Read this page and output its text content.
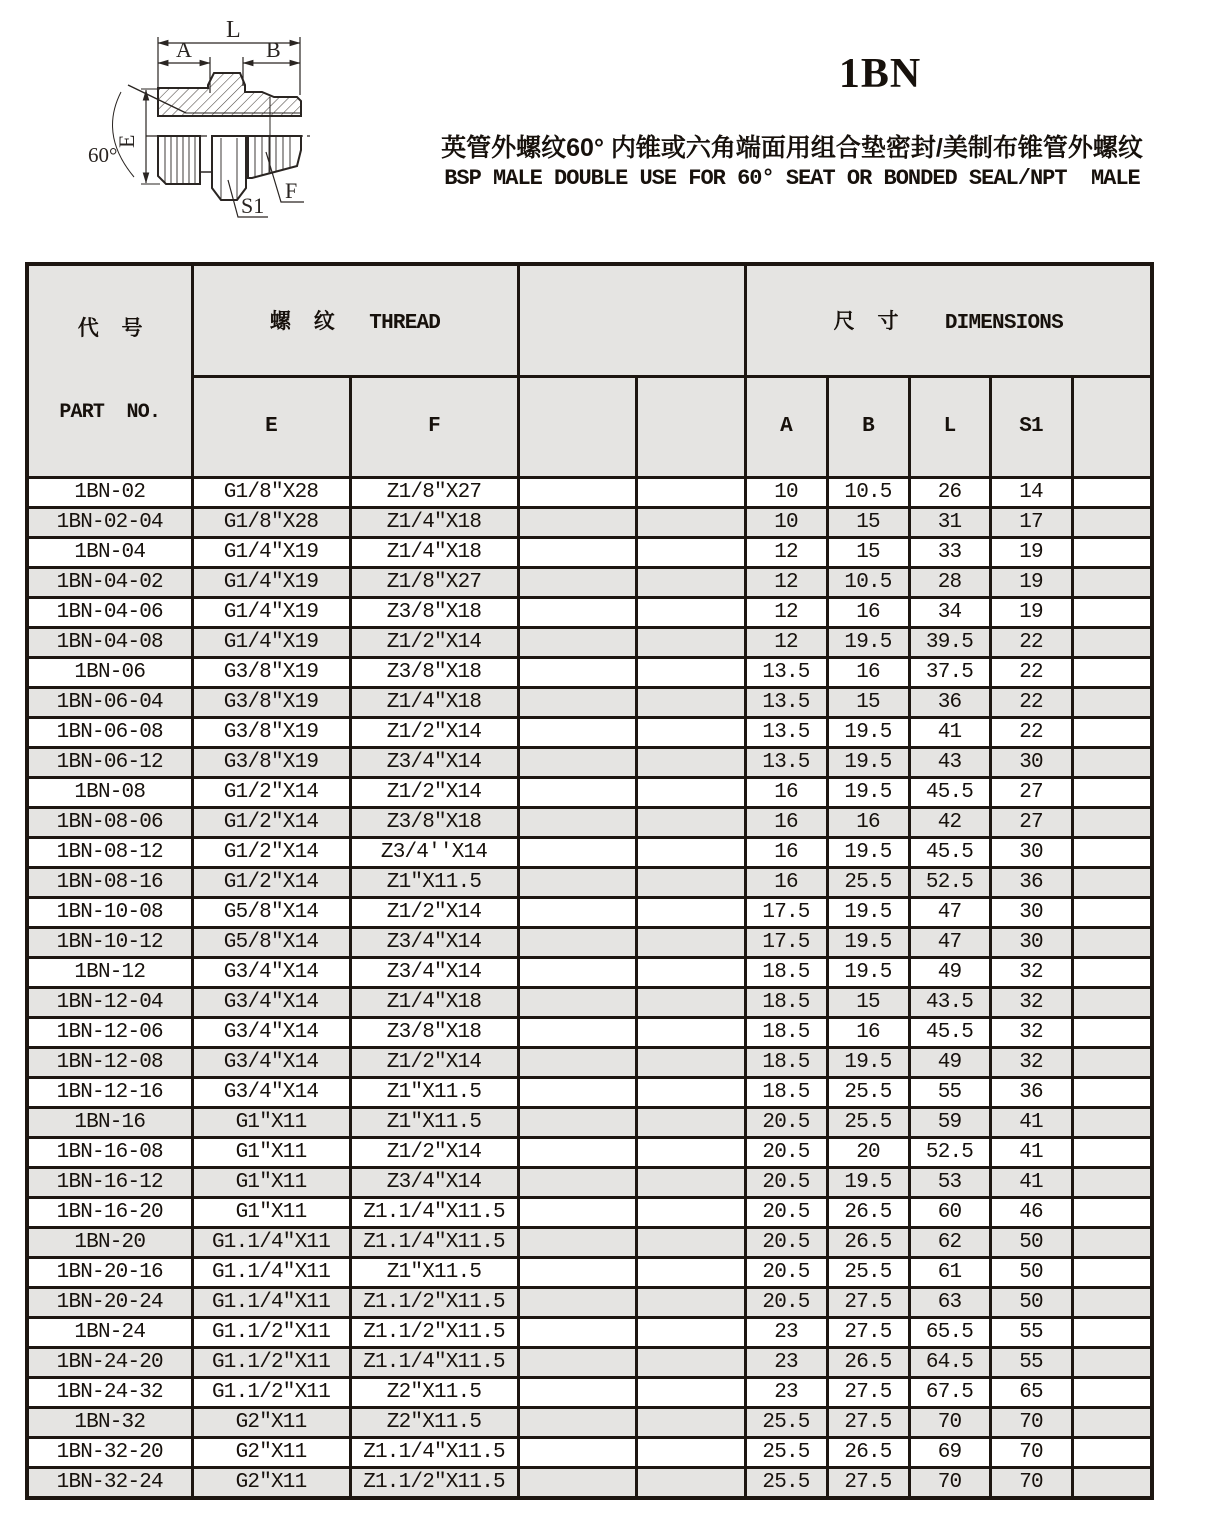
L
A	B
E
60°
F
S1
1BN
英管外螺纹60° 内锥或六角端面用组合垫密封/美制布锥管外螺纹
BSP MALE DOUBLE USE FOR 60° SEAT OR BONDED SEAL/NPT  MALE

代  号

PART  NO.	螺  纹   THREAD				尺  寸    DIMENSIONS				
	E	F			A	B	L	S1	
1BN-02	G1/8″X28	Z1/8″X27			10	10.5	26	14	
1BN-02-04	G1/8″X28	Z1/4″X18			10	15	31	17	
1BN-04	G1/4″X19	Z1/4″X18			12	15	33	19	
1BN-04-02	G1/4″X19	Z1/8″X27			12	10.5	28	19	
1BN-04-06	G1/4″X19	Z3/8″X18			12	16	34	19	
1BN-04-08	G1/4″X19	Z1/2″X14			12	19.5	39.5	22	
1BN-06	G3/8″X19	Z3/8″X18			13.5	16	37.5	22	
1BN-06-04	G3/8″X19	Z1/4″X18			13.5	15	36	22	
1BN-06-08	G3/8″X19	Z1/2″X14			13.5	19.5	41	22	
1BN-06-12	G3/8″X19	Z3/4″X14			13.5	19.5	43	30	
1BN-08	G1/2″X14	Z1/2″X14			16	19.5	45.5	27	
1BN-08-06	G1/2″X14	Z3/8″X18			16	16	42	27	
1BN-08-12	G1/2″X14	Z3/4''X14			16	19.5	45.5	30	
1BN-08-16	G1/2″X14	Z1″X11.5			16	25.5	52.5	36	
1BN-10-08	G5/8″X14	Z1/2″X14			17.5	19.5	47	30	
1BN-10-12	G5/8″X14	Z3/4″X14			17.5	19.5	47	30	
1BN-12	G3/4″X14	Z3/4″X14			18.5	19.5	49	32	
1BN-12-04	G3/4″X14	Z1/4″X18			18.5	15	43.5	32	
1BN-12-06	G3/4″X14	Z3/8″X18			18.5	16	45.5	32	
1BN-12-08	G3/4″X14	Z1/2″X14			18.5	19.5	49	32	
1BN-12-16	G3/4″X14	Z1″X11.5			18.5	25.5	55	36	
1BN-16	G1″X11	Z1″X11.5			20.5	25.5	59	41	
1BN-16-08	G1″X11	Z1/2″X14			20.5	20	52.5	41	
1BN-16-12	G1″X11	Z3/4″X14			20.5	19.5	53	41	
1BN-16-20	G1″X11	Z1.1/4″X11.5			20.5	26.5	60	46	
1BN-20	G1.1/4″X11	Z1.1/4″X11.5			20.5	26.5	62	50	
1BN-20-16	G1.1/4″X11	Z1″X11.5			20.5	25.5	61	50	
1BN-20-24	G1.1/4″X11	Z1.1/2″X11.5			20.5	27.5	63	50	
1BN-24	G1.1/2″X11	Z1.1/2″X11.5			23	27.5	65.5	55	
1BN-24-20	G1.1/2″X11	Z1.1/4″X11.5			23	26.5	64.5	55	
1BN-24-32	G1.1/2″X11	Z2″X11.5			23	27.5	67.5	65	
1BN-32	G2″X11	Z2″X11.5			25.5	27.5	70	70	
1BN-32-20	G2″X11	Z1.1/4″X11.5			25.5	26.5	69	70	
1BN-32-24	G2″X11	Z1.1/2″X11.5			25.5	27.5	70	70	
